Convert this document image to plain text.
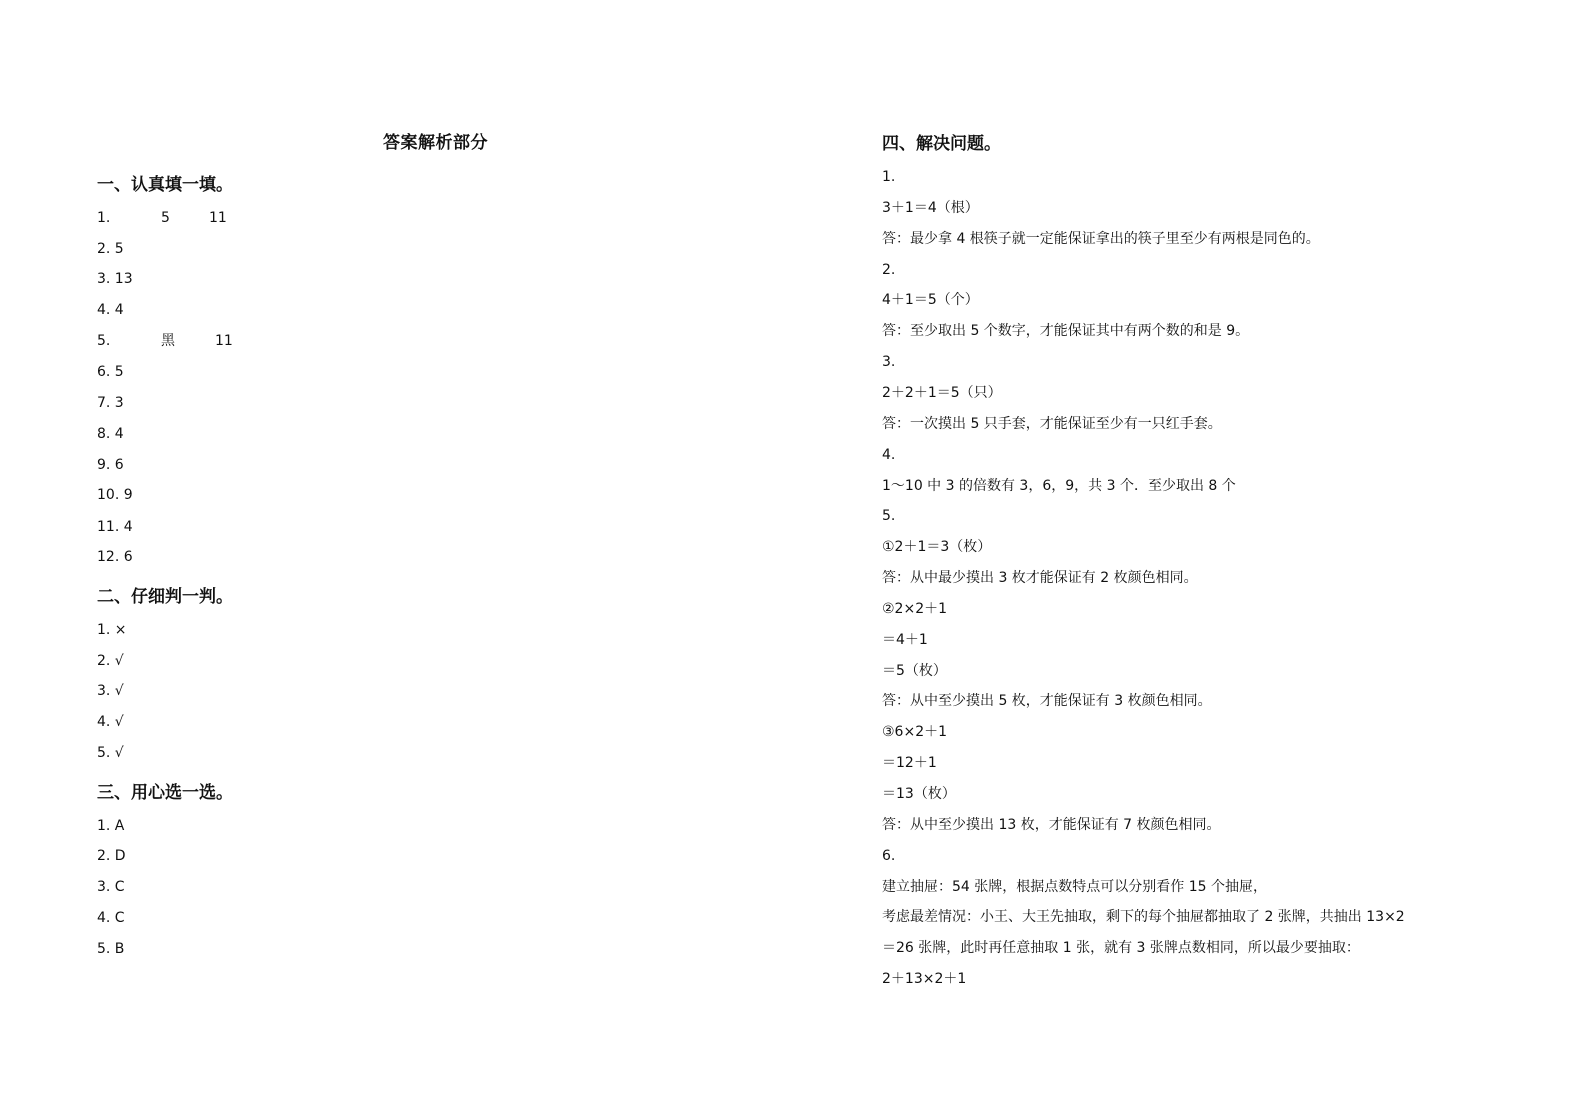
答案解析部分
一、认真填一填。
1.	5	11
2. 5
3. 13
4. 4
5.	黑	11
6. 5
7. 3
8. 4
9. 6
10. 9
11. 4
12. 6
二、仔细判一判。
1. ×
2. √
3. √
4. √
5. √
三、用心选一选。
1. A
2. D
3. C
4. C
5. B
四、解决问题。
1.
3＋1＝4（根）
答：最少拿 4 根筷子就一定能保证拿出的筷子里至少有两根是同色的。
2.
4＋1＝5（个）
答：至少取出 5 个数字，才能保证其中有两个数的和是 9。
3.
2＋2＋1＝5（只）
答：一次摸出 5 只手套，才能保证至少有一只红手套。
4.
1～10 中 3 的倍数有 3，6，9，共 3 个．至少取出 8 个
5.
①2＋1＝3（枚）
答：从中最少摸出 3 枚才能保证有 2 枚颜色相同。
②2×2＋1
＝4＋1
＝5（枚）
答：从中至少摸出 5 枚，才能保证有 3 枚颜色相同。
③6×2＋1
＝12＋1
＝13（枚）
答：从中至少摸出 13 枚，才能保证有 7 枚颜色相同。
6.
建立抽屉：54 张牌，根据点数特点可以分别看作 15 个抽屉，
考虑最差情况：小王、大王先抽取，剩下的每个抽屉都抽取了 2 张牌，共抽出 13×2
＝26 张牌，此时再任意抽取 1 张，就有 3 张牌点数相同，所以最少要抽取：
2＋13×2＋1
